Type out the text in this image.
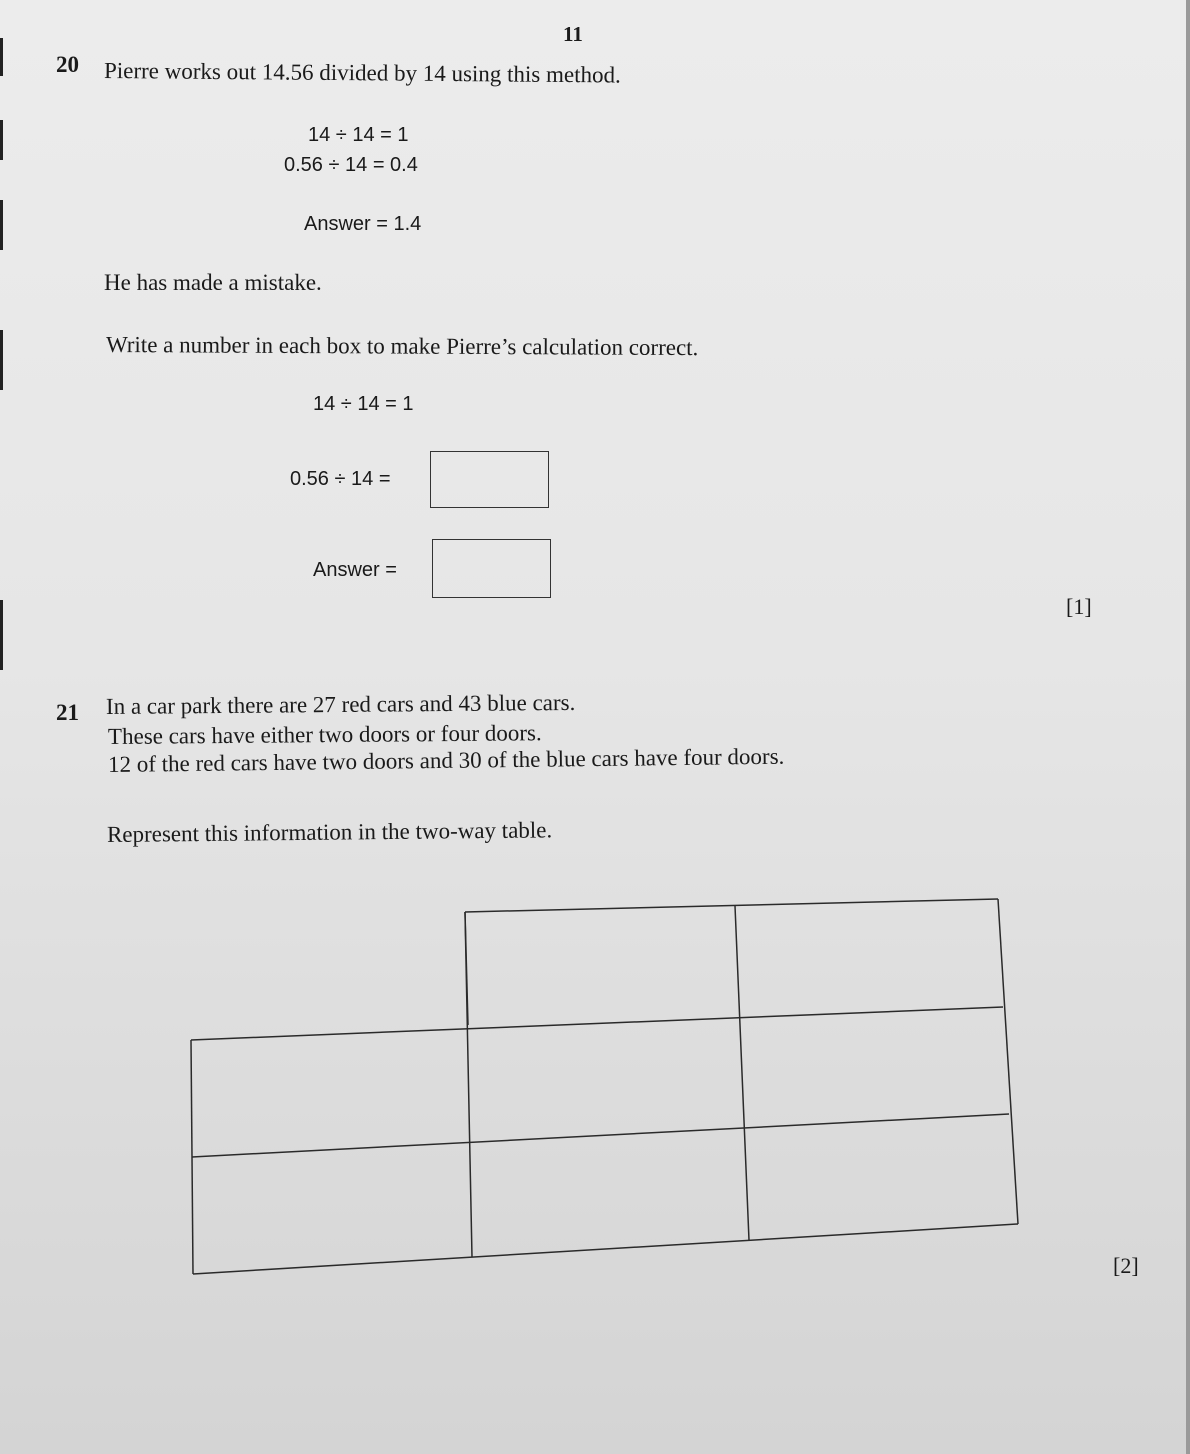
11
20 Pierre works out 14.56 divided by 14 using this method.
14 ÷ 14 = 1
0.56 ÷ 14 = 0.4
Answer = 1.4
He has made a mistake.
Write a number in each box to make Pierre’s calculation correct.
14 ÷ 14 = 1
0.56 ÷ 14 =
Answer =
[1]
21 In a car park there are 27 red cars and 43 blue cars.
These cars have either two doors or four doors.
12 of the red cars have two doors and 30 of the blue cars have four doors.
Represent this information in the two-way table.
[2]
